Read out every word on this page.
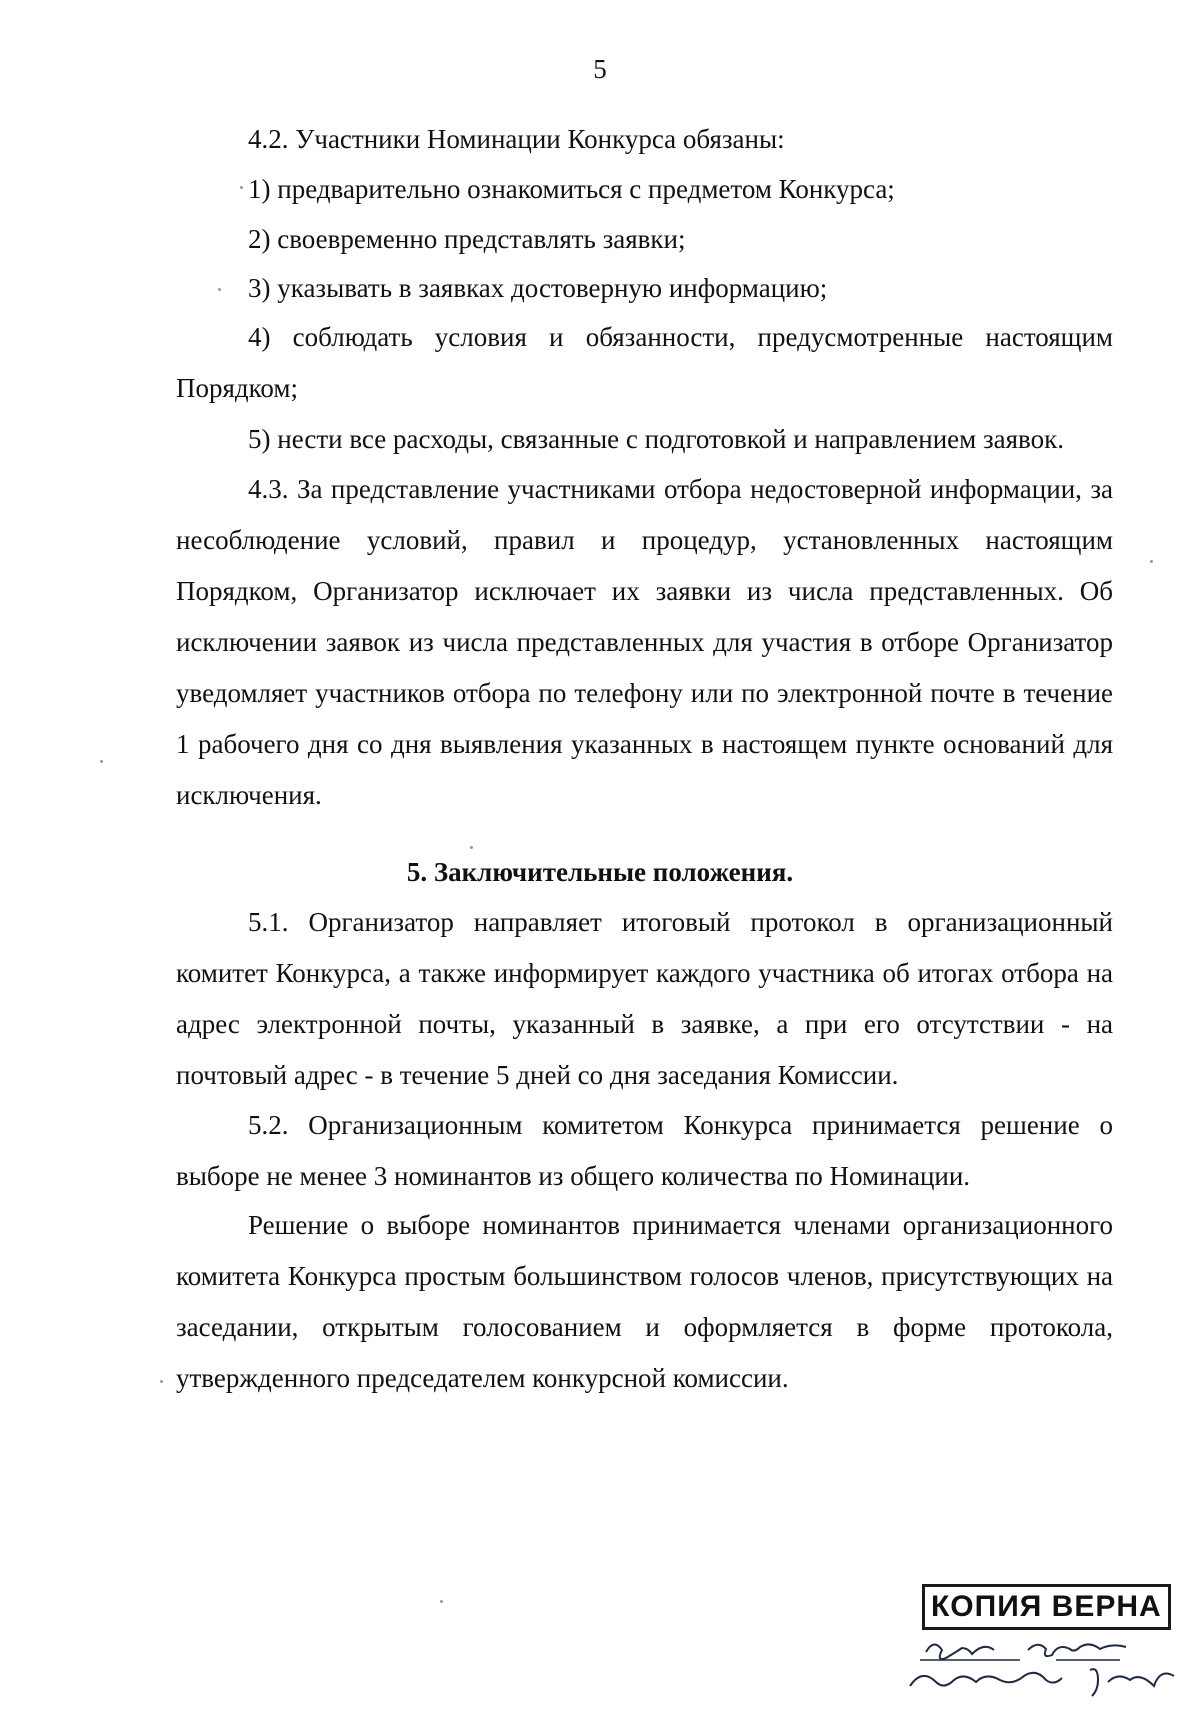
5

4.2. Участники Номинации Конкурса обязаны:

1) предварительно ознакомиться с предметом Конкурса;

2) своевременно представлять заявки;

3) указывать в заявках достоверную информацию;

4) соблюдать условия и обязанности, предусмотренные настоящим Порядком;

5) нести все расходы, связанные с подготовкой и направлением заявок.

4.3. За представление участниками отбора недостоверной информации, за несоблюдение условий, правил и процедур, установленных настоящим Порядком, Организатор исключает их заявки из числа представленных. Об исключении заявок из числа представленных для участия в отборе Организатор уведомляет участников отбора по телефону или по электронной почте в течение 1 рабочего дня со дня выявления указанных в настоящем пункте оснований для исключения.

5. Заключительные положения.

5.1. Организатор направляет итоговый протокол в организационный комитет Конкурса, а также информирует каждого участника об итогах отбора на адрес электронной почты, указанный в заявке, а при его отсутствии - на почтовый адрес - в течение 5 дней со дня заседания Комиссии.

5.2. Организационным комитетом Конкурса принимается решение о выборе не менее 3 номинантов из общего количества по Номинации.

Решение о выборе номинантов принимается членами организационного комитета Конкурса простым большинством голосов членов, присутствующих на заседании, открытым голосованием и оформляется в форме протокола, утвержденного председателем конкурсной комиссии.

КОПИЯ ВЕРНА
